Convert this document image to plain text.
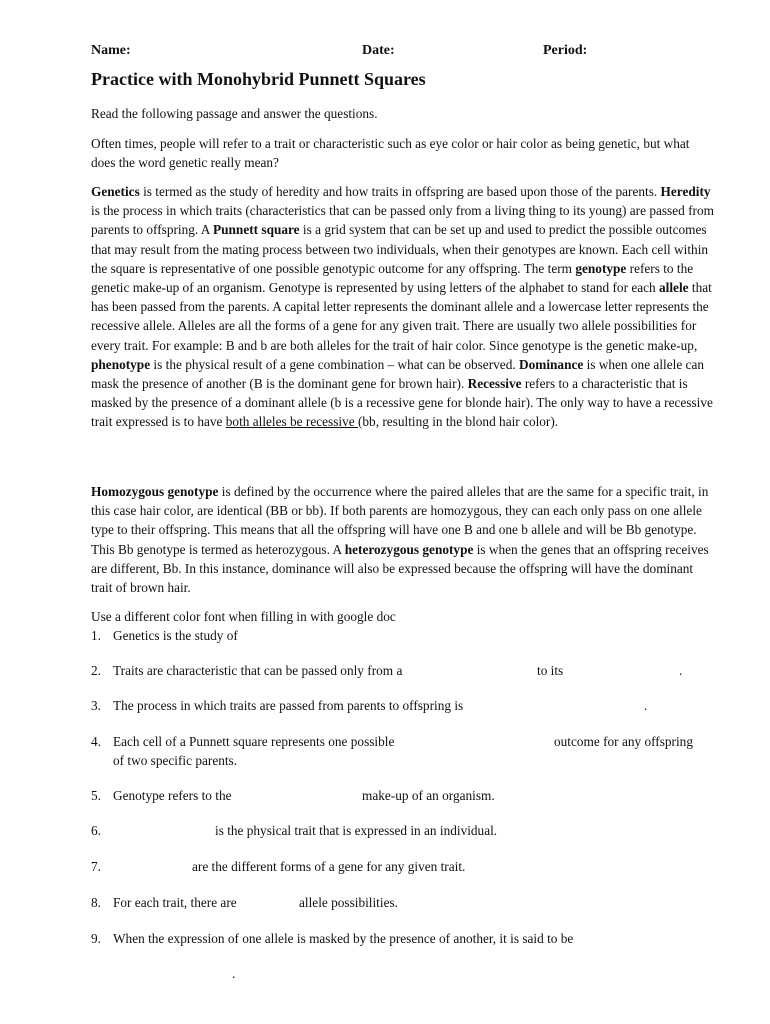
Name:	Date:	Period:
Practice with Monohybrid Punnett Squares
Read the following passage and answer the questions.

Often times, people will refer to a trait or characteristic such as eye color or hair color as being genetic, but what does the word genetic really mean?

Genetics is termed as the study of heredity and how traits in offspring are based upon those of the parents. Heredity is the process in which traits (characteristics that can be passed only from a living thing to its young) are passed from parents to offspring. A Punnett square is a grid system that can be set up and used to predict the possible outcomes that may result from the mating process between two individuals, when their genotypes are known. Each cell within the square is representative of one possible genotypic outcome for any offspring. The term genotype refers to the genetic make-up of an organism. Genotype is represented by using letters of the alphabet to stand for each allele that has been passed from the parents. A capital letter represents the dominant allele and a lowercase letter represents the recessive allele. Alleles are all the forms of a gene for any given trait. There are usually two allele possibilities for every trait. For example: B and b are both alleles for the trait of hair color. Since genotype is the genetic make-up, phenotype is the physical result of a gene combination – what can be observed. Dominance is when one allele can mask the presence of another (B is the dominant gene for brown hair). Recessive refers to a characteristic that is masked by the presence of a dominant allele (b is a recessive gene for blonde hair). The only way to have a recessive trait expressed is to have both alleles be recessive (bb, resulting in the blond hair color).

Homozygous genotype is defined by the occurrence where the paired alleles that are the same for a specific trait, in this case hair color, are identical (BB or bb). If both parents are homozygous, they can each only pass on one allele type to their offspring. This means that all the offspring will have one B and one b allele and will be Bb genotype. This Bb genotype is termed as heterozygous. A heterozygous genotype is when the genes that an offspring receives are different, Bb. In this instance, dominance will also be expressed because the offspring will have the dominant trait of brown hair.

Use a different color font when filling in with google doc
1. Genetics is the study of
2. Traits are characteristic that can be passed only from a	to its	.
3. The process in which traits are passed from parents to offspring is	.
4. Each cell of a Punnett square represents one possible	outcome for any offspring
of two specific parents.
5. Genotype refers to the	make-up of an organism.
6.	is the physical trait that is expressed in an individual.
7.	are the different forms of a gene for any given trait.
8. For each trait, there are	allele possibilities.
9. When the expression of one allele is masked by the presence of another, it is said to be
.
